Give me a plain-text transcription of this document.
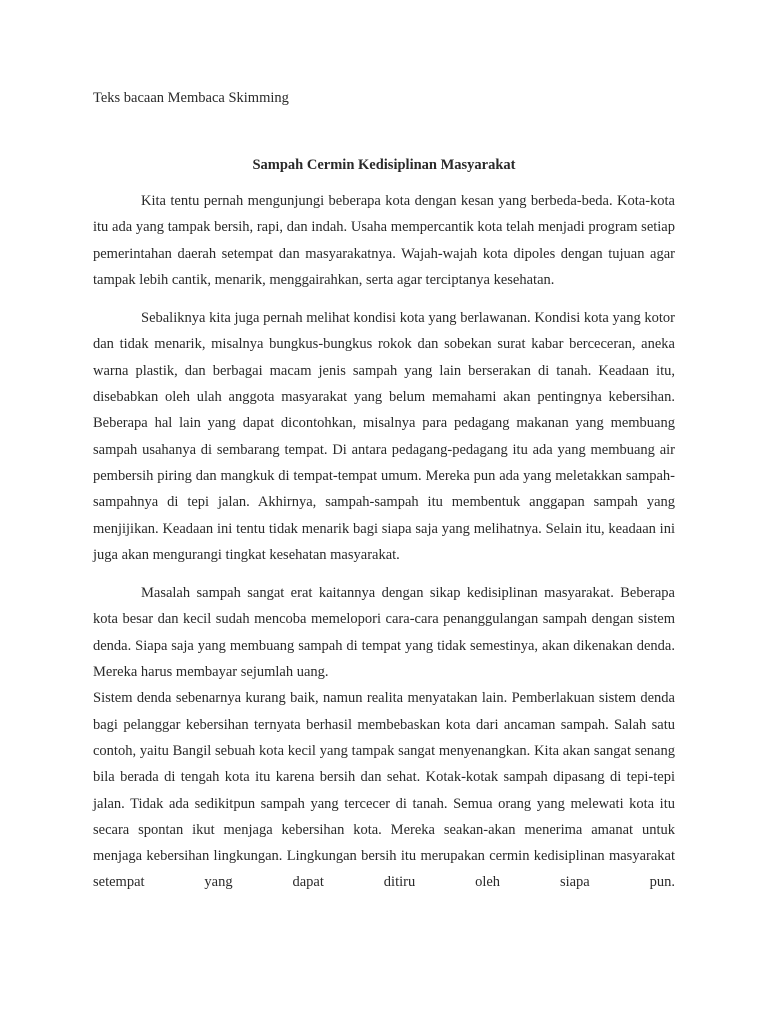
Teks bacaan Membaca Skimming
Sampah Cermin Kedisiplinan Masyarakat

Kita tentu pernah mengunjungi beberapa kota dengan kesan yang berbeda-beda. Kota-kota itu ada yang tampak bersih, rapi, dan indah. Usaha mempercantik kota telah menjadi program setiap pemerintahan daerah setempat dan masyarakatnya. Wajah-wajah kota dipoles dengan tujuan agar tampak lebih cantik, menarik, menggairahkan, serta agar terciptanya kesehatan.

Sebaliknya kita juga pernah melihat kondisi kota yang berlawanan. Kondisi kota yang kotor dan tidak menarik, misalnya bungkus-bungkus rokok dan sobekan surat kabar berceceran, aneka warna plastik, dan berbagai macam jenis sampah yang lain berserakan di tanah. Keadaan itu, disebabkan oleh ulah anggota masyarakat yang belum memahami akan pentingnya kebersihan. Beberapa hal lain yang dapat dicontohkan, misalnya para pedagang makanan yang membuang sampah usahanya di sembarang tempat. Di antara pedagang-pedagang itu ada yang membuang air pembersih piring dan mangkuk di tempat-tempat umum. Mereka pun ada yang meletakkan sampah-sampahnya di tepi jalan. Akhirnya, sampah-sampah itu membentuk anggapan sampah yang menjijikan. Keadaan ini tentu tidak menarik bagi siapa saja yang melihatnya. Selain itu, keadaan ini juga akan mengurangi tingkat kesehatan masyarakat.

Masalah sampah sangat erat kaitannya dengan sikap kedisiplinan masyarakat. Beberapa kota besar dan kecil sudah mencoba memelopori cara-cara penanggulangan sampah dengan sistem denda. Siapa saja yang membuang sampah di tempat yang tidak semestinya, akan dikenakan denda. Mereka harus membayar sejumlah uang.
Sistem denda sebenarnya kurang baik, namun realita menyatakan lain. Pemberlakuan sistem denda bagi pelanggar kebersihan ternyata berhasil membebaskan kota dari ancaman sampah. Salah satu contoh, yaitu Bangil sebuah kota kecil yang tampak sangat menyenangkan. Kita akan sangat senang bila berada di tengah kota itu karena bersih dan sehat. Kotak-kotak sampah dipasang di tepi-tepi jalan. Tidak ada sedikitpun sampah yang tercecer di tanah. Semua orang yang melewati kota itu secara spontan ikut menjaga kebersihan kota. Mereka seakan-akan menerima amanat untuk menjaga kebersihan lingkungan. Lingkungan bersih itu merupakan cermin kedisiplinan masyarakat setempat yang dapat ditiru oleh siapa pun.
